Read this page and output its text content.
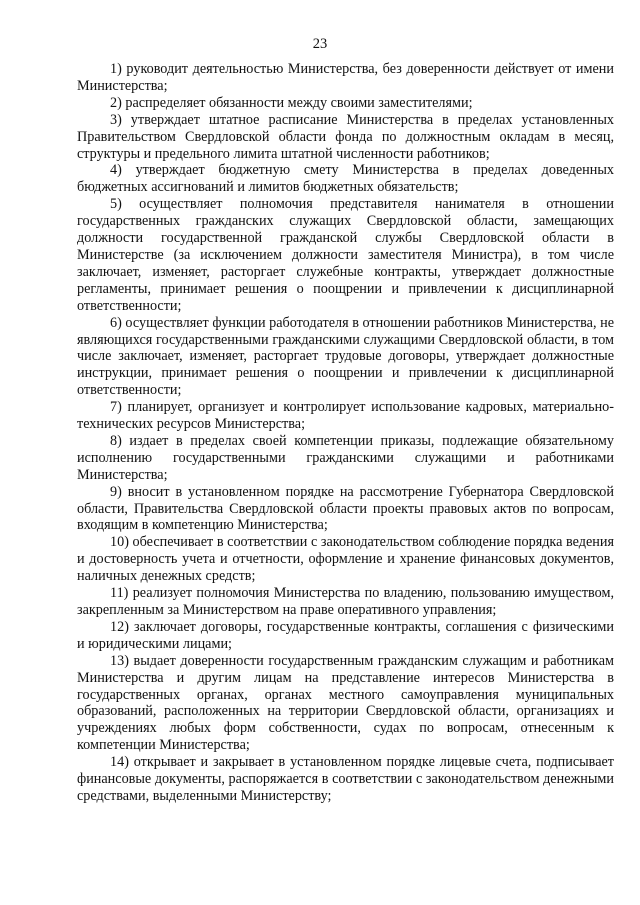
23

1) руководит деятельностью Министерства, без доверенности действует от имени Министерства;

2) распределяет обязанности между своими заместителями;

3) утверждает штатное расписание Министерства в пределах установленных Правительством Свердловской области фонда по должностным окладам в месяц, структуры и предельного лимита штатной численности работников;

4) утверждает бюджетную смету Министерства в пределах доведенных бюджетных ассигнований и лимитов бюджетных обязательств;

5) осуществляет полномочия представителя нанимателя в отношении государственных гражданских служащих Свердловской области, замещающих должности государственной гражданской службы Свердловской области в Министерстве (за исключением должности заместителя Министра), в том числе заключает, изменяет, расторгает служебные контракты, утверждает должностные регламенты, принимает решения о поощрении и привлечении к дисциплинарной ответственности;

6) осуществляет функции работодателя в отношении работников Министерства, не являющихся государственными гражданскими служащими Свердловской области, в том числе заключает, изменяет, расторгает трудовые договоры, утверждает должностные инструкции, принимает решения о поощрении и привлечении к дисциплинарной ответственности;

7) планирует, организует и контролирует использование кадровых, материально-технических ресурсов Министерства;

8) издает в пределах своей компетенции приказы, подлежащие обязательному исполнению государственными гражданскими служащими и работниками Министерства;

9) вносит в установленном порядке на рассмотрение Губернатора Свердловской области, Правительства Свердловской области проекты правовых актов по вопросам, входящим в компетенцию Министерства;

10) обеспечивает в соответствии с законодательством соблюдение порядка ведения и достоверность учета и отчетности, оформление и хранение финансовых документов, наличных денежных средств;

11) реализует полномочия Министерства по владению, пользованию имуществом, закрепленным за Министерством на праве оперативного управления;

12) заключает договоры, государственные контракты, соглашения с физическими и юридическими лицами;

13) выдает доверенности государственным гражданским служащим и работникам Министерства и другим лицам на представление интересов Министерства в государственных органах, органах местного самоуправления муниципальных образований, расположенных на территории Свердловской области, организациях и учреждениях любых форм собственности, судах по вопросам, отнесенным к компетенции Министерства;

14) открывает и закрывает в установленном порядке лицевые счета, подписывает финансовые документы, распоряжается в соответствии с законодательством денежными средствами, выделенными Министерству;
